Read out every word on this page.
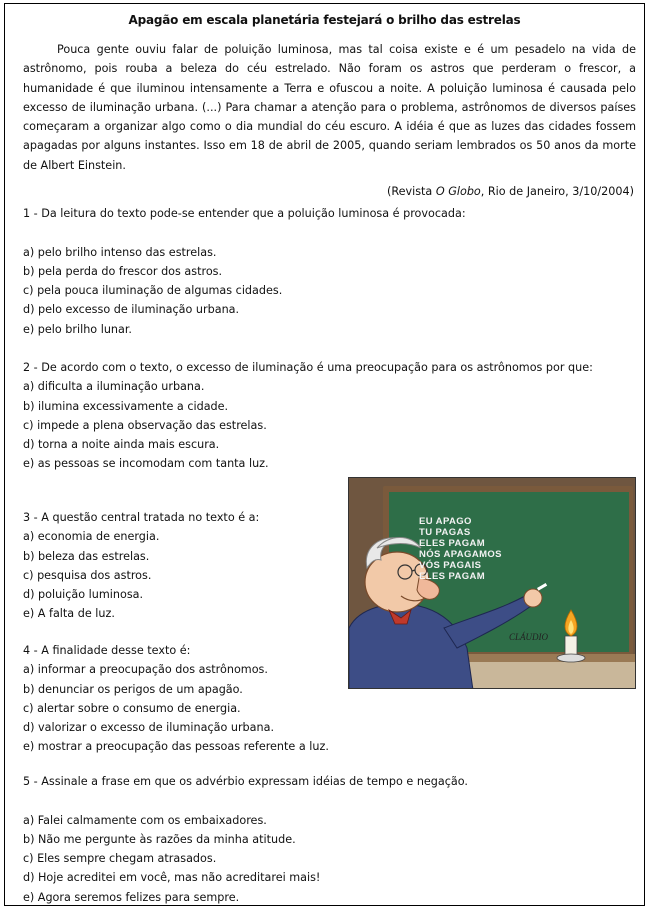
Apagão em escala planetária festejará o brilho das estrelas

Pouca gente ouviu falar de poluição luminosa, mas tal coisa existe e é um pesadelo na vida de astrônomo, pois rouba a beleza do céu estrelado. Não foram os astros que perderam o frescor, a humanidade é que iluminou intensamente a Terra e ofuscou a noite. A poluição luminosa é causada pelo excesso de iluminação urbana. (...) Para chamar a atenção para o problema, astrônomos de diversos países começaram a organizar algo como o dia mundial do céu escuro. A idéia é que as luzes das cidades fossem apagadas por alguns instantes. Isso em 18 de abril de 2005, quando seriam lembrados os 50 anos da morte de Albert Einstein.

(Revista O Globo, Rio de Janeiro, 3/10/2004)

1 - Da leitura do texto pode-se entender que a poluição luminosa é provocada:

a) pelo brilho intenso das estrelas.
b) pela perda do frescor dos astros.
c) pela pouca iluminação de algumas cidades.
d) pelo excesso de iluminação urbana.
e) pelo brilho lunar.

2 - De acordo com o texto, o excesso de iluminação é uma preocupação para os astrônomos por que:

a) dificulta a iluminação urbana.
b) ilumina excessivamente a cidade.
c) impede a plena observação das estrelas.
d) torna a noite ainda mais escura.
e) as pessoas se incomodam com tanta luz.

3 - A questão central tratada no texto é a:

a) economia de energia.
b) beleza das estrelas.
c) pesquisa dos astros.
d) poluição luminosa.
e) A falta de luz.

4 - A finalidade desse texto é:

a) informar a preocupação dos astrônomos.
b) denunciar os perigos de um apagão.
c) alertar sobre o consumo de energia.
d) valorizar o excesso de iluminação urbana.
e) mostrar a preocupação das pessoas referente a luz.

5 - Assinale a frase em que os advérbio expressam idéias de tempo e negação.

a) Falei calmamente com os embaixadores.
b) Não me pergunte às razões da minha atitude.
c) Eles sempre chegam atrasados.
d) Hoje acreditei em você, mas não acreditarei mais!
e) Agora seremos felizes para sempre.
EU APAGO
TU PAGAS
ELES PAGAM
NÓS APAGAMOS
VÓS PAGAIS
ELES PAGAM
CLÁUDIO
